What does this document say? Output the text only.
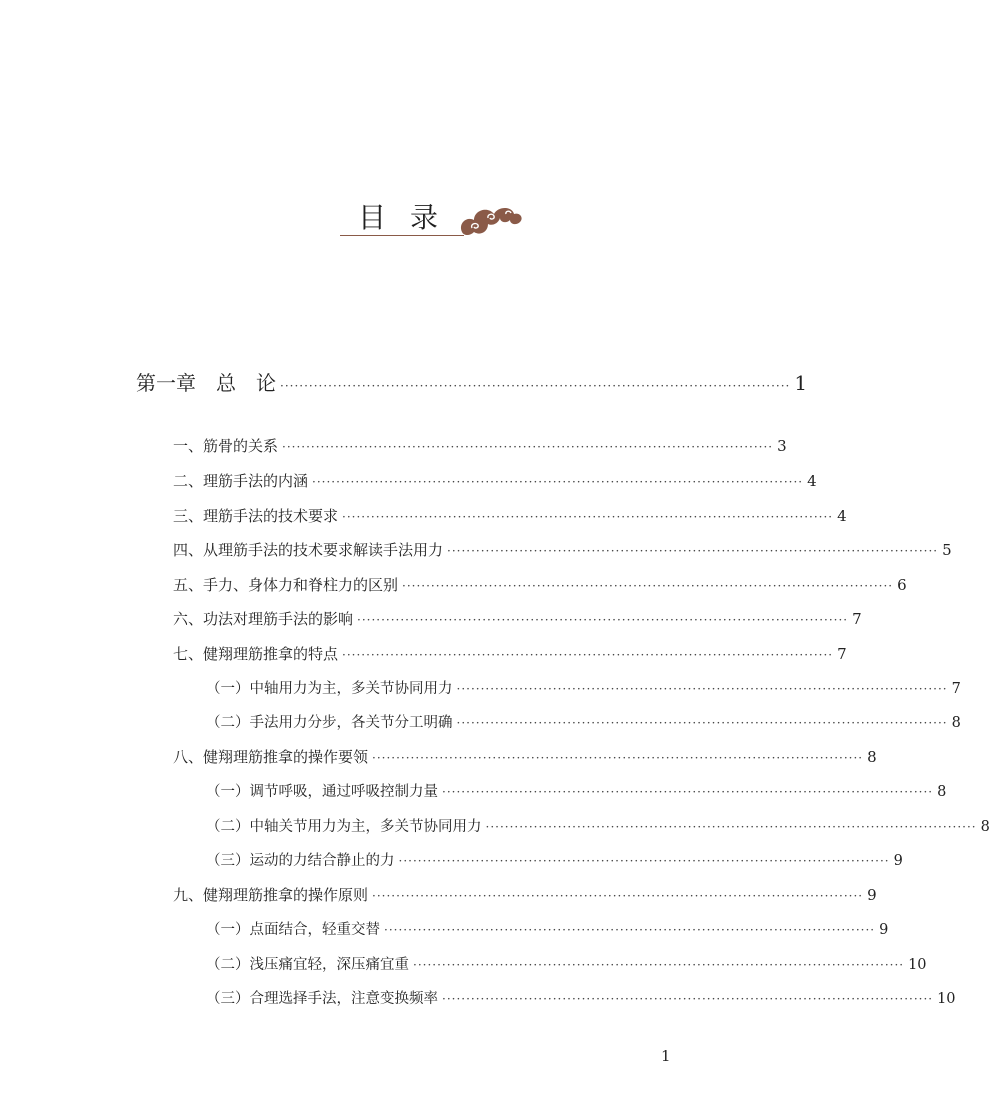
目录
第一章　总　论 ·········································································································· 1
一、筋骨的关系 ······································································································ 3
二、理筋手法的内涵 ······································································································ 4
三、理筋手法的技术要求 ······································································································ 4
四、从理筋手法的技术要求解读手法用力 ······································································································ 5
五、手力、身体力和脊柱力的区别 ······································································································ 6
六、功法对理筋手法的影响 ······································································································ 7
七、健翔理筋推拿的特点 ······································································································ 7
（一）中轴用力为主，多关节协同用力 ······································································································ 7
（二）手法用力分步，各关节分工明确 ······································································································ 8
八、健翔理筋推拿的操作要领 ······································································································ 8
（一）调节呼吸，通过呼吸控制力量 ······································································································ 8
（二）中轴关节用力为主，多关节协同用力 ······································································································ 8
（三）运动的力结合静止的力 ······································································································ 9
九、健翔理筋推拿的操作原则 ······································································································ 9
（一）点面结合，轻重交替 ······································································································ 9
（二）浅压痛宜轻，深压痛宜重 ······································································································ 10
（三）合理选择手法，注意变换频率 ······································································································ 10
1
